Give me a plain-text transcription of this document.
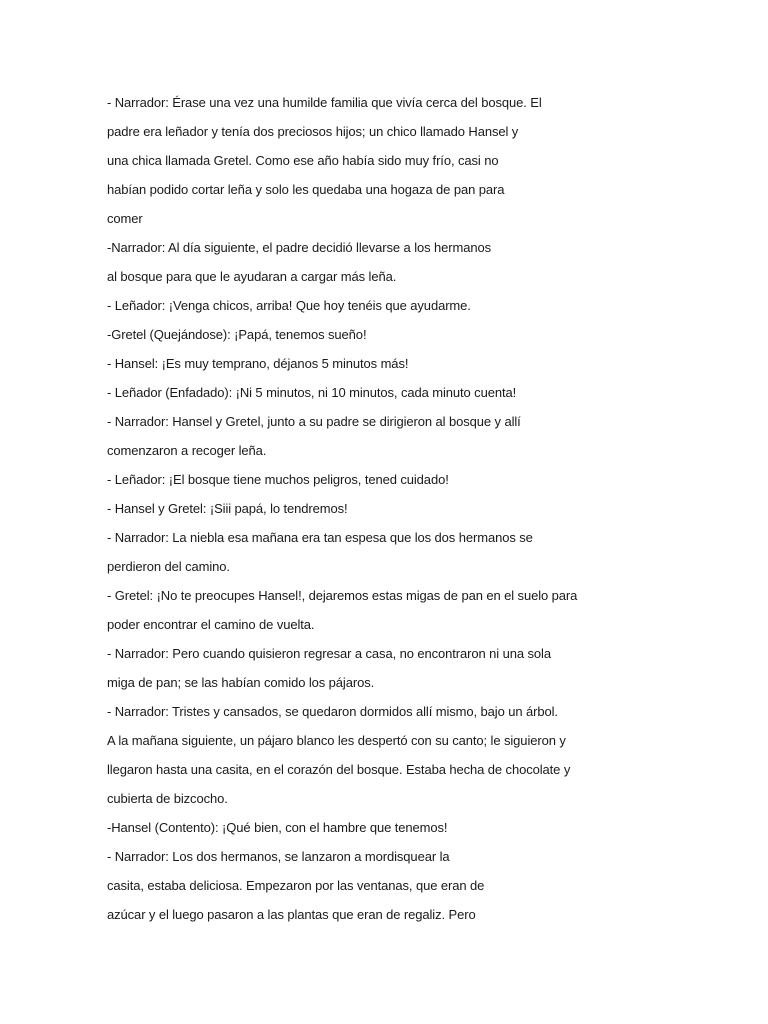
- Narrador: Érase una vez una humilde familia que vivía cerca del bosque. El
padre era leñador y tenía dos preciosos hijos; un chico llamado Hansel y
una chica llamada Gretel. Como ese año había sido muy frío, casi no
habían podido cortar leña y solo les quedaba una hogaza de pan para
comer
-Narrador: Al día siguiente, el padre decidió llevarse a los hermanos
al bosque para que le ayudaran a cargar más leña.
- Leñador: ¡Venga chicos, arriba! Que hoy tenéis que ayudarme.
-Gretel (Quejándose): ¡Papá, tenemos sueño!
- Hansel: ¡Es muy temprano, déjanos 5 minutos más!
- Leñador (Enfadado): ¡Ni 5 minutos, ni 10 minutos, cada minuto cuenta!
- Narrador: Hansel y Gretel, junto a su padre se dirigieron al bosque y allí
comenzaron a recoger leña.
- Leñador: ¡El bosque tiene muchos peligros, tened cuidado!
- Hansel y Gretel: ¡Siii papá, lo tendremos!
- Narrador: La niebla esa mañana era tan espesa que los dos hermanos se
perdieron del camino.
- Gretel: ¡No te preocupes Hansel!, dejaremos estas migas de pan en el suelo para
poder encontrar el camino de vuelta.
- Narrador: Pero cuando quisieron regresar a casa, no encontraron ni una sola
miga de pan; se las habían comido los pájaros.
- Narrador: Tristes y cansados, se quedaron dormidos allí mismo, bajo un árbol.
A la mañana siguiente, un pájaro blanco les despertó con su canto; le siguieron y
llegaron hasta una casita, en el corazón del bosque. Estaba hecha de chocolate y
cubierta de bizcocho.
-Hansel (Contento): ¡Qué bien, con el hambre que tenemos!
- Narrador: Los dos hermanos, se lanzaron a mordisquear la
casita, estaba deliciosa. Empezaron por las ventanas, que eran de
azúcar y el luego pasaron a las plantas que eran de regaliz. Pero
